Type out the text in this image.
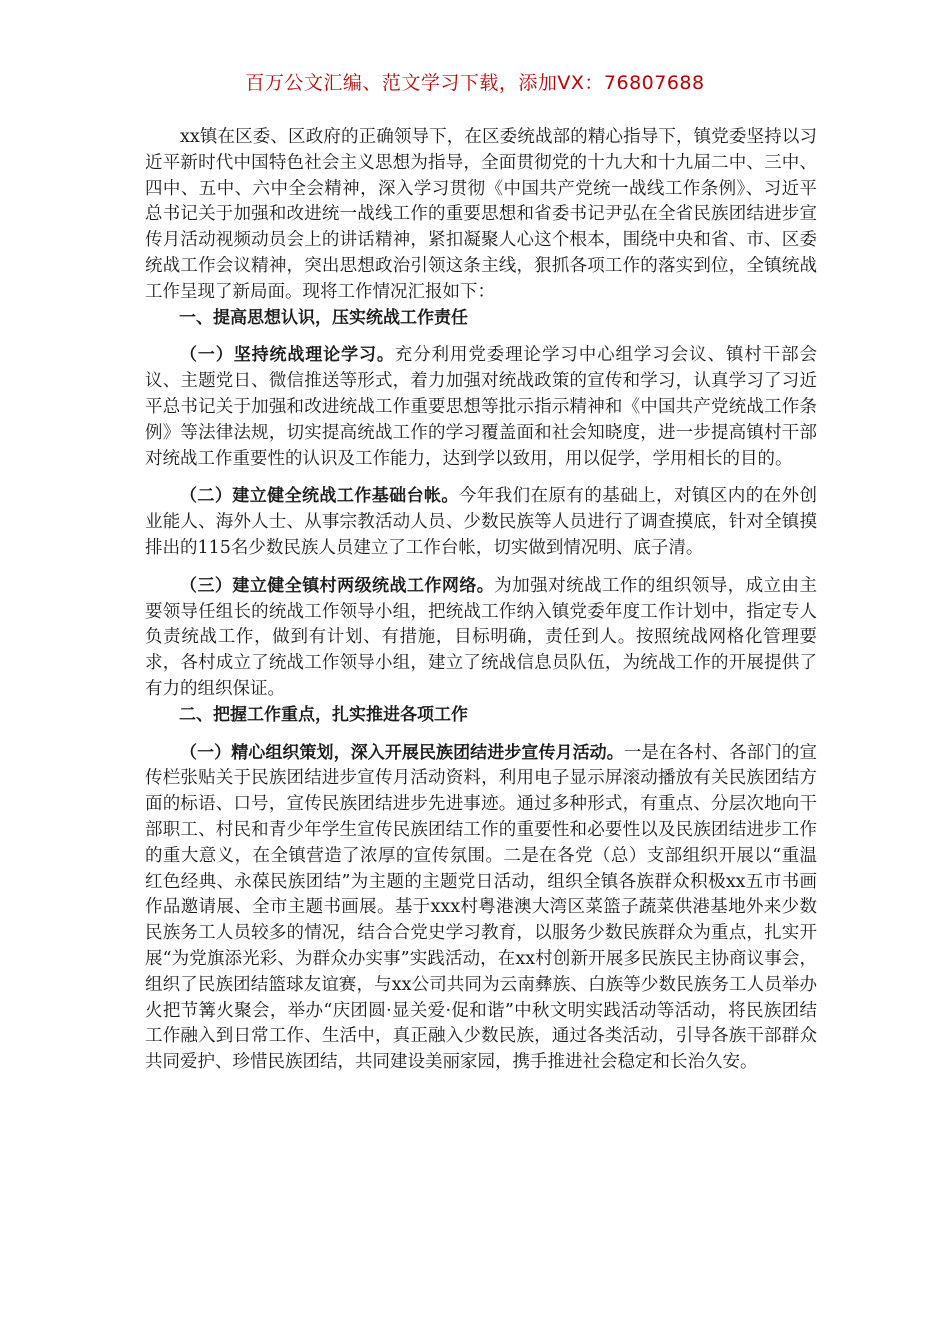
百万公文汇编、范文学习下载，添加VX：76807688

xx镇在区委、区政府的正确领导下，在区委统战部的精心指导下，镇党委坚持以习近平新时代中国特色社会主义思想为指导，全面贯彻党的十九大和十九届二中、三中、四中、五中、六中全会精神，深入学习贯彻《中国共产党统一战线工作条例》、习近平总书记关于加强和改进统一战线工作的重要思想和省委书记尹弘在全省民族团结进步宣传月活动视频动员会上的讲话精神，紧扣凝聚人心这个根本，围绕中央和省、市、区委统战工作会议精神，突出思想政治引领这条主线，狠抓各项工作的落实到位，全镇统战工作呈现了新局面。现将工作情况汇报如下：

一、提高思想认识，压实统战工作责任

（一）坚持统战理论学习。充分利用党委理论学习中心组学习会议、镇村干部会议、主题党日、微信推送等形式，着力加强对统战政策的宣传和学习，认真学习了习近平总书记关于加强和改进统战工作重要思想等批示指示精神和《中国共产党统战工作条例》等法律法规，切实提高统战工作的学习覆盖面和社会知晓度，进一步提高镇村干部对统战工作重要性的认识及工作能力，达到学以致用，用以促学，学用相长的目的。

（二）建立健全统战工作基础台帐。今年我们在原有的基础上，对镇区内的在外创业能人、海外人士、从事宗教活动人员、少数民族等人员进行了调查摸底，针对全镇摸排出的115名少数民族人员建立了工作台帐，切实做到情况明、底子清。

（三）建立健全镇村两级统战工作网络。为加强对统战工作的组织领导，成立由主要领导任组长的统战工作领导小组，把统战工作纳入镇党委年度工作计划中，指定专人负责统战工作，做到有计划、有措施，目标明确，责任到人。按照统战网格化管理要求，各村成立了统战工作领导小组，建立了统战信息员队伍，为统战工作的开展提供了有力的组织保证。

二、把握工作重点，扎实推进各项工作

（一）精心组织策划，深入开展民族团结进步宣传月活动。一是在各村、各部门的宣传栏张贴关于民族团结进步宣传月活动资料，利用电子显示屏滚动播放有关民族团结方面的标语、口号，宣传民族团结进步先进事迹。通过多种形式，有重点、分层次地向干部职工、村民和青少年学生宣传民族团结工作的重要性和必要性以及民族团结进步工作的重大意义，在全镇营造了浓厚的宣传氛围。二是在各党（总）支部组织开展以“重温红色经典、永葆民族团结”为主题的主题党日活动，组织全镇各族群众积极xx五市书画作品邀请展、全市主题书画展。基于xxx村粤港澳大湾区菜篮子蔬菜供港基地外来少数民族务工人员较多的情况，结合合党史学习教育，以服务少数民族群众为重点，扎实开展“为党旗添光彩、为群众办实事”实践活动，在xx村创新开展多民族民主协商议事会，组织了民族团结篮球友谊赛，与xx公司共同为云南彝族、白族等少数民族务工人员举办火把节篝火聚会，举办“庆团圆·显关爱·促和谐”中秋文明实践活动等活动，将民族团结工作融入到日常工作、生活中，真正融入少数民族，通过各类活动，引导各族干部群众共同爱护、珍惜民族团结，共同建设美丽家园，携手推进社会稳定和长治久安。
